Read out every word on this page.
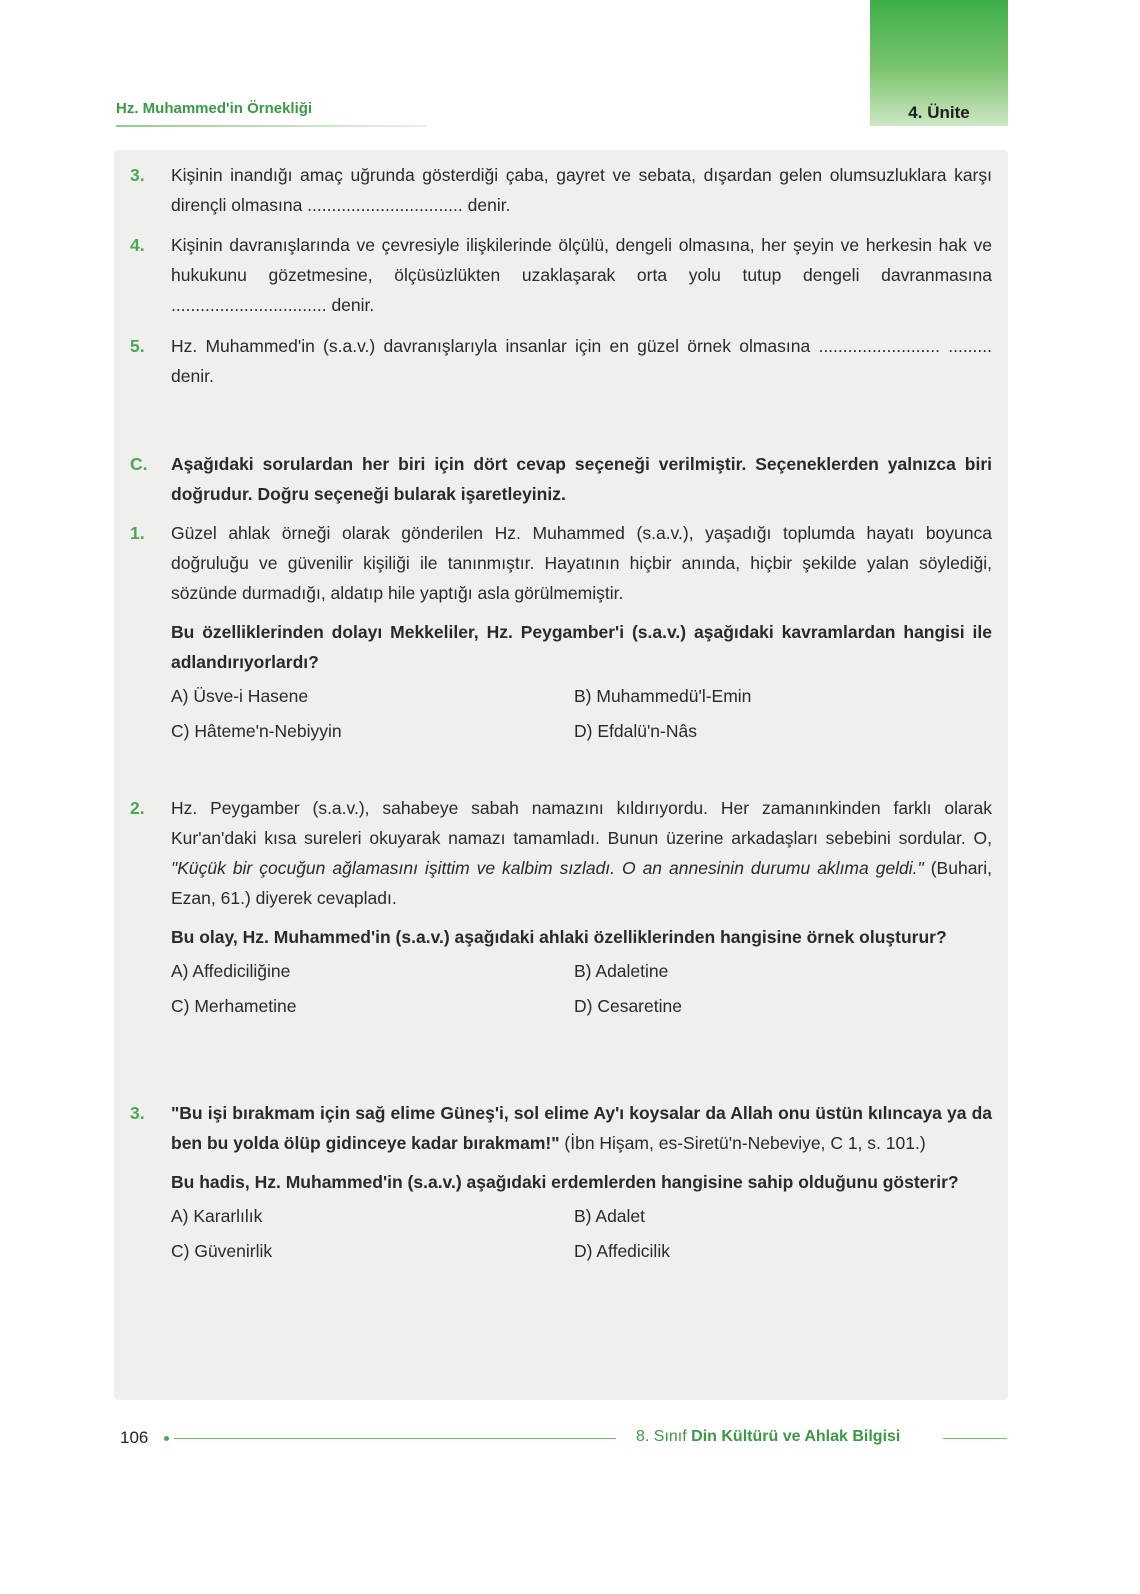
4. Ünite
Hz. Muhammed'in Örnekliği
3.	Kişinin inandığı amaç uğrunda gösterdiği çaba, gayret ve sebata, dışardan gelen olumsuzluklara karşı dirençli olmasına ................................ denir.
4.	Kişinin davranışlarında ve çevresiyle ilişkilerinde ölçülü, dengeli olmasına, her şeyin ve herkesin hak ve hukukunu gözetmesine, ölçüsüzlükten uzaklaşarak orta yolu tutup dengeli davranmasına ................................ denir.
5.	Hz. Muhammed'in (s.a.v.) davranışlarıyla insanlar için en güzel örnek olmasına ......................... ......... denir.
C.	Aşağıdaki sorulardan her biri için dört cevap seçeneği verilmiştir. Seçeneklerden yalnızca biri doğrudur. Doğru seçeneği bularak işaretleyiniz.
1.	Güzel ahlak örneği olarak gönderilen Hz. Muhammed (s.a.v.), yaşadığı toplumda hayatı boyunca doğruluğu ve güvenilir kişiliği ile tanınmıştır. Hayatının hiçbir anında, hiçbir şekilde yalan söylediği, sözünde durmadığı, aldatıp hile yaptığı asla görülmemiştir.
Bu özelliklerinden dolayı Mekkeliler, Hz. Peygamber'i (s.a.v.) aşağıdaki kavramlardan hangisi ile adlandırıyorlardı?
A) Üsve-i Hasene	B) Muhammedü'l-Emin
C) Hâteme'n-Nebiyyin	D) Efdalü'n-Nâs
2.	Hz. Peygamber (s.a.v.), sahabeye sabah namazını kıldırıyordu. Her zamanınkinden farklı olarak Kur'an'daki kısa sureleri okuyarak namazı tamamladı. Bunun üzerine arkadaşları sebebini sordular. O, "Küçük bir çocuğun ağlamasını işittim ve kalbim sızladı. O an annesinin durumu aklıma geldi." (Buhari, Ezan, 61.) diyerek cevapladı.
Bu olay, Hz. Muhammed'in (s.a.v.) aşağıdaki ahlaki özelliklerinden hangisine örnek oluşturur?
A) Affediciliğine	B) Adaletine
C) Merhametine	D) Cesaretine
3.	"Bu işi bırakmam için sağ elime Güneş'i, sol elime Ay'ı koysalar da Allah onu üstün kılıncaya ya da ben bu yolda ölüp gidinceye kadar bırakmam!" (İbn Hişam, es-Siretü'n-Nebeviye, C 1, s. 101.)
Bu hadis, Hz. Muhammed'in (s.a.v.) aşağıdaki erdemlerden hangisine sahip olduğunu gösterir?
A) Kararlılık	B) Adalet
C) Güvenirlik	D) Affedicilik
106	8. Sınıf Din Kültürü ve Ahlak Bilgisi
